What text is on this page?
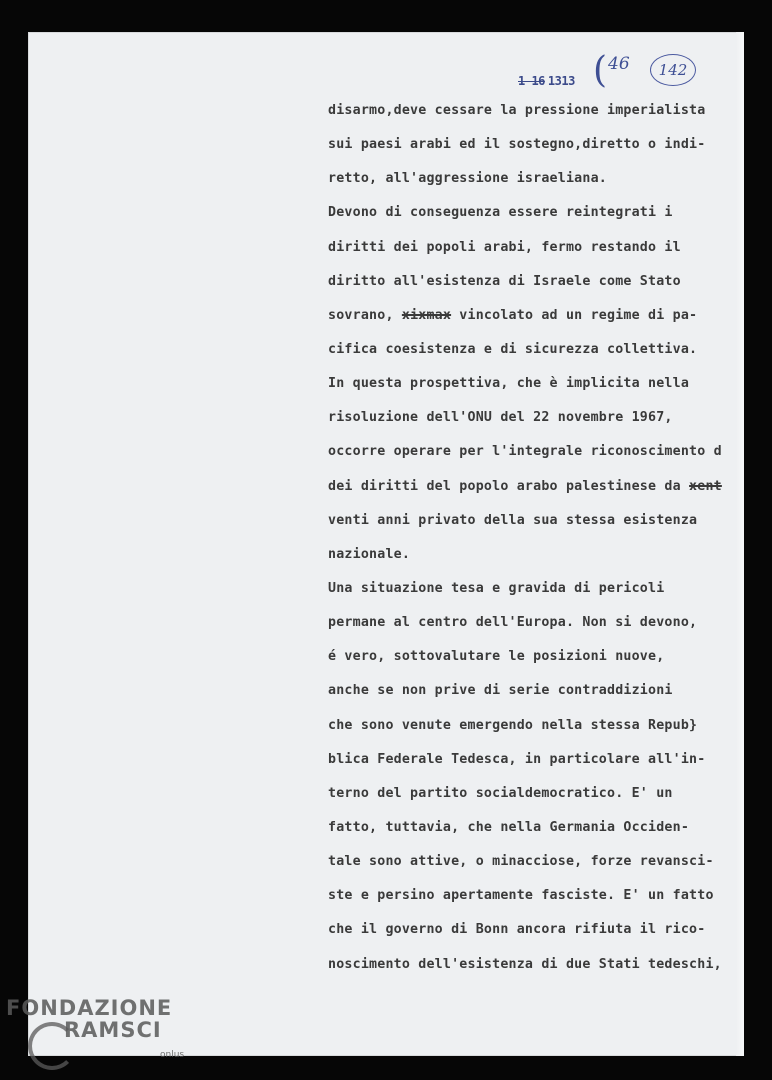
1 16 1313 ( 46 142
disarmo,deve cessare la pressione imperialista
sui paesi arabi ed il sostegno,diretto o indi-
retto, all'aggressione israeliana.
Devono di conseguenza essere reintegrati i
diritti dei popoli arabi, fermo restando il
diritto all'esistenza di Israele come Stato
sovrano, xixmax vincolato ad un regime di pa-
cifica coesistenza e di sicurezza collettiva.
In questa prospettiva, che è implicita nella
risoluzione dell'ONU del 22 novembre 1967,
occorre operare per l'integrale riconoscimento d
dei diritti del popolo arabo palestinese da xent
venti anni privato della sua stessa esistenza
nazionale.
Una situazione tesa e gravida di pericoli
permane al centro dell'Europa. Non si devono,
é vero, sottovalutare le posizioni nuove,
anche se non prive di serie contraddizioni
che sono venute emergendo nella stessa Repub}
blica Federale Tedesca, in particolare all'in-
terno del partito socialdemocratico. E' un
fatto, tuttavia, che nella Germania Occiden-
tale sono attive, o minacciose, forze revansci-
ste e persino apertamente fasciste. E' un fatto
che il governo di Bonn ancora rifiuta il rico-
noscimento dell'esistenza di due Stati tedeschi,
FONDAZIONE
RAMSCI
onlus
